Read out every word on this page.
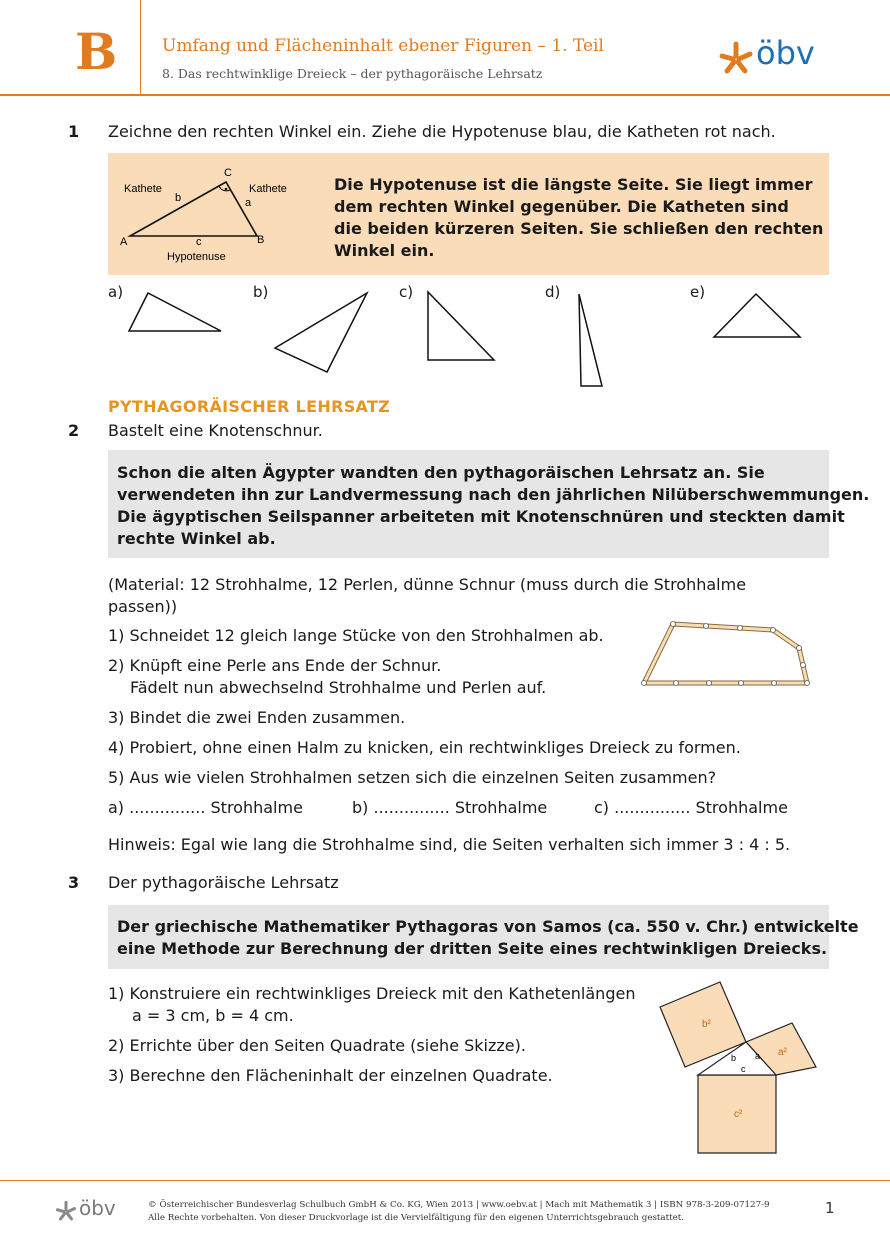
B	Umfang und Flächeninhalt ebener Figuren – 1. Teil
8. Das rechtwinklige Dreieck – der pythagoräische Lehrsatz
öbv
1 Zeichne den rechten Winkel ein. Ziehe die Hypotenuse blau, die Katheten rot nach.
Kathete	Kathete
Hypotenuse
A	B
C
a
b
c
Die Hypotenuse ist die längste Seite. Sie liegt immer
dem rechten Winkel gegenüber. Die Katheten sind
die beiden kürzeren Seiten. Sie schließen den rechten
Winkel ein.
a)	b)	c)	d)	e)
PYTHAGORÄISCHER LEHRSATZ
2 Bastelt eine Knotenschnur.
Schon die alten Ägypter wandten den pythagoräischen Lehrsatz an. Sie
verwendeten ihn zur Landvermessung nach den jährlichen Nilüberschwemmungen.
Die ägyptischen Seilspanner arbeiteten mit Knotenschnüren und steckten damit
rechte Winkel ab.
(Material: 12 Strohhalme, 12 Perlen, dünne Schnur (muss durch die Strohhalme
passen))
1) Schneidet 12 gleich lange Stücke von den Strohhalmen ab.
2) Knüpft eine Perle ans Ende der Schnur.
Fädelt nun abwechselnd Strohhalme und Perlen auf.
3) Bindet die zwei Enden zusammen.
4) Probiert, ohne einen Halm zu knicken, ein rechtwinkliges Dreieck zu formen.
5) Aus wie vielen Strohhalmen setzen sich die einzelnen Seiten zusammen?
a) ............... Strohhalme	b) ............... Strohhalme	c) ............... Strohhalme
Hinweis: Egal wie lang die Strohhalme sind, die Seiten verhalten sich immer 3 : 4 : 5.
3 Der pythagoräische Lehrsatz
Der griechische Mathematiker Pythagoras von Samos (ca. 550 v. Chr.) entwickelte
eine Methode zur Berechnung der dritten Seite eines rechtwinkligen Dreiecks.
1) Konstruiere ein rechtwinkliges Dreieck mit den Kathetenlängen
a = 3 cm, b = 4 cm.
2) Errichte über den Seiten Quadrate (siehe Skizze).
3) Berechne den Flächeninhalt der einzelnen Quadrate.
b²
a²
c²
b a
c
öbv	© Österreichischer Bundesverlag Schulbuch GmbH & Co. KG, Wien 2013 | www.oebv.at | Mach mit Mathematik 3 | ISBN 978-3-209-07127-9
Alle Rechte vorbehalten. Von dieser Druckvorlage ist die Vervielfältigung für den eigenen Unterrichtsgebrauch gestattet.
1
